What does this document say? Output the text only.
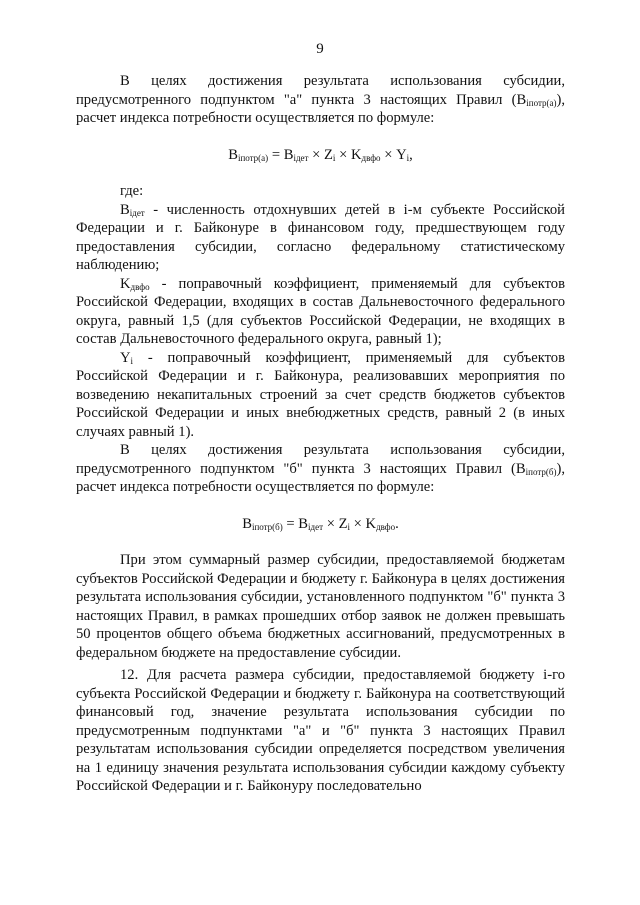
9

В целях достижения результата использования субсидии, предусмотренного подпунктом "а" пункта 3 настоящих Правил $(B_{iпотр(а)})$, расчет индекса потребности осуществляется по формуле:

$B_{iпотр(а)} = B_{iдет} \times Z_i \times K_{двфо} \times Y_i$,

где:

$B_{iдет}$ - численность отдохнувших детей в i-м субъекте Российской Федерации и г. Байконуре в финансовом году, предшествующем году предоставления субсидии, согласно федеральному статистическому наблюдению;

$K_{двфо}$ - поправочный коэффициент, применяемый для субъектов Российской Федерации, входящих в состав Дальневосточного федерального округа, равный 1,5 (для субъектов Российской Федерации, не входящих в состав Дальневосточного федерального округа, равный 1);

$Y_i$ - поправочный коэффициент, применяемый для субъектов Российской Федерации и г. Байконура, реализовавших мероприятия по возведению некапитальных строений за счет средств бюджетов субъектов Российской Федерации и иных внебюджетных средств, равный 2 (в иных случаях равный 1).

В целях достижения результата использования субсидии, предусмотренного подпунктом "б" пункта 3 настоящих Правил $(B_{iпотр(б)})$, расчет индекса потребности осуществляется по формуле:

$B_{iпотр(б)} = B_{iдет} \times Z_i \times K_{двфо}$.

При этом суммарный размер субсидии, предоставляемой бюджетам субъектов Российской Федерации и бюджету г. Байконура в целях достижения результата использования субсидии, установленного подпунктом "б" пункта 3 настоящих Правил, в рамках прошедших отбор заявок не должен превышать 50 процентов общего объема бюджетных ассигнований, предусмотренных в федеральном бюджете на предоставление субсидии.

12. Для расчета размера субсидии, предоставляемой бюджету i-го субъекта Российской Федерации и бюджету г. Байконура на соответствующий финансовый год, значение результата использования субсидии по предусмотренным подпунктами "а" и "б" пункта 3 настоящих Правил результатам использования субсидии определяется посредством увеличения на 1 единицу значения результата использования субсидии каждому субъекту Российской Федерации и г. Байконуру последовательно
